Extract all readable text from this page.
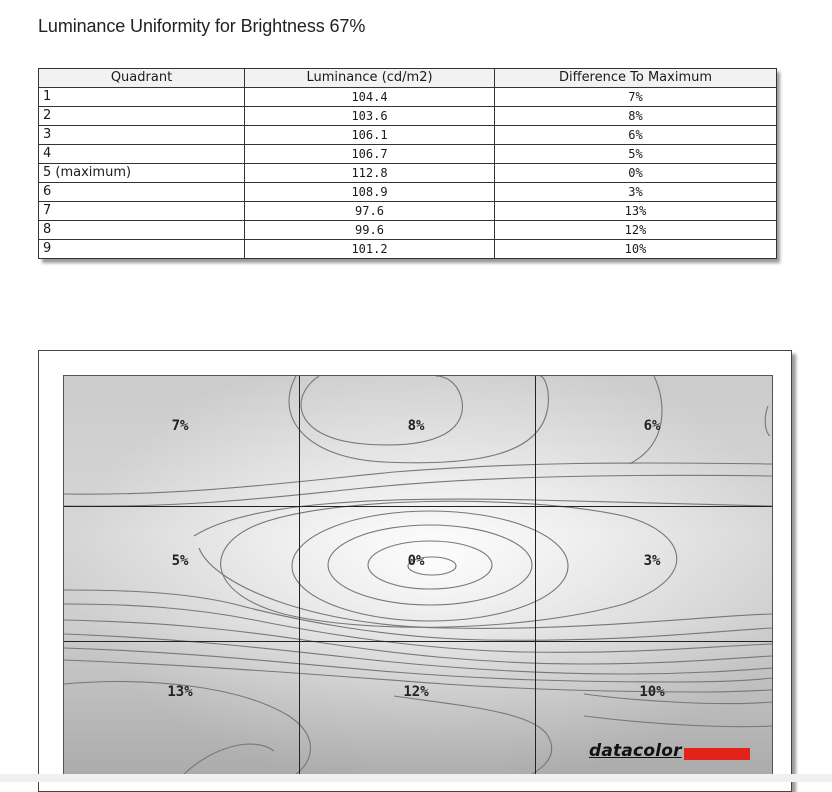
Luminance Uniformity for Brightness 67%
Quadrant	Luminance (cd/m2)	Difference To Maximum
1	104.4	7%
2	103.6	8%
3	106.1	6%
4	106.7	5%
5 (maximum)	112.8	0%
6	108.9	3%
7	97.6	13%
8	99.6	12%
9	101.2	10%
7%	8%	6%
5%	0%	3%
13%	12%	10%
datacolor
